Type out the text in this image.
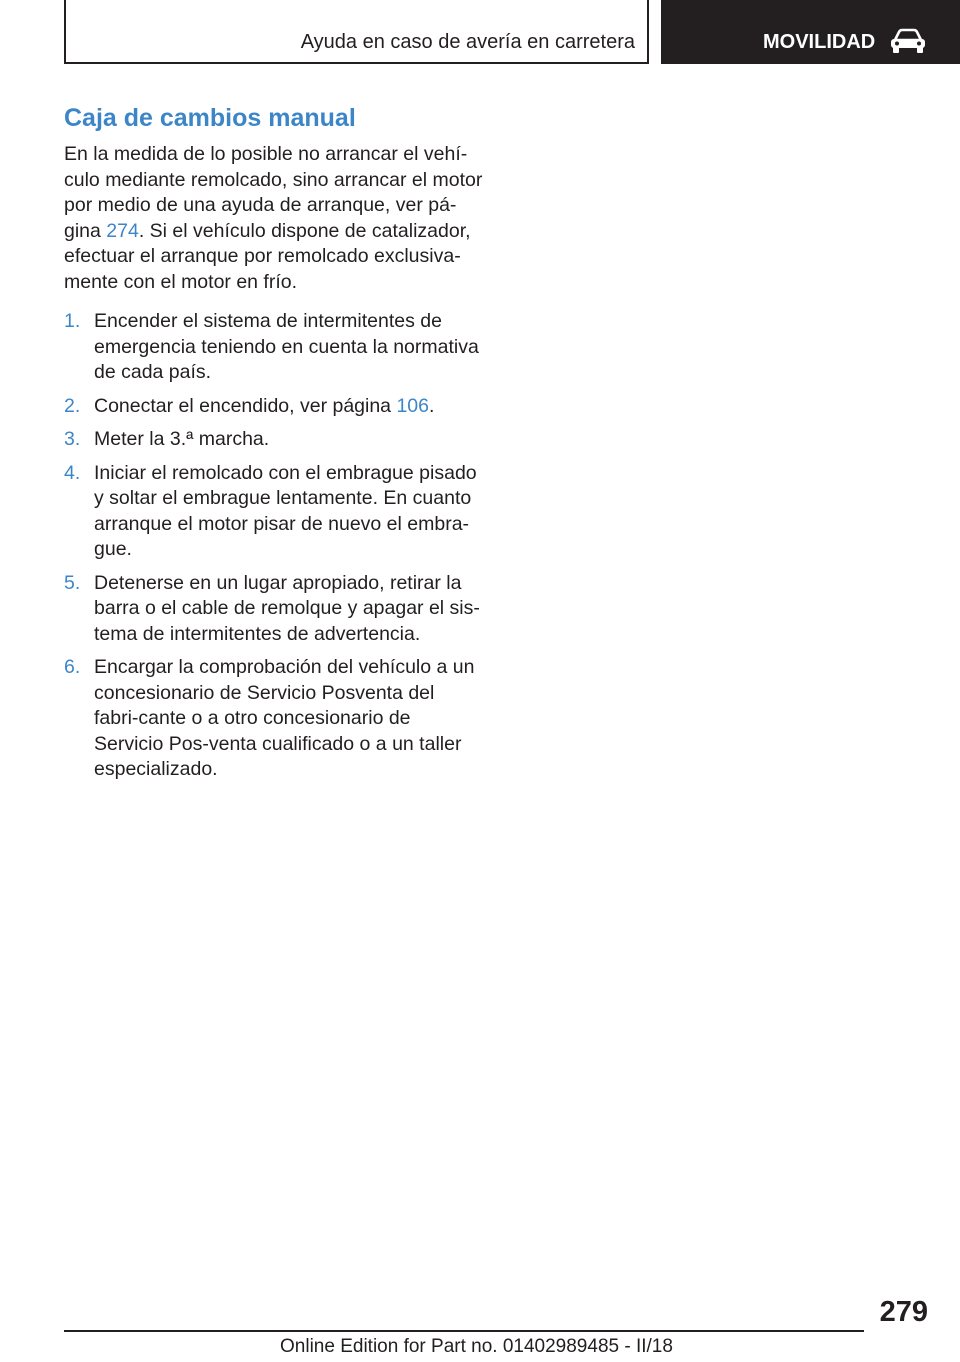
Ayuda en caso de avería en carretera	MOVILIDAD
Caja de cambios manual

En la medida de lo posible no arrancar el vehí-culo mediante remolcado, sino arrancar el motor por medio de una ayuda de arranque, ver pá-gina 274. Si el vehículo dispone de catalizador, efectuar el arranque por remolcado exclusiva-mente con el motor en frío.

1. Encender el sistema de intermitentes de emergencia teniendo en cuenta la normativa de cada país.
2. Conectar el encendido, ver página 106.
3. Meter la 3.ª marcha.
4. Iniciar el remolcado con el embrague pisado y soltar el embrague lentamente. En cuanto arranque el motor pisar de nuevo el embra-gue.
5. Detenerse en un lugar apropiado, retirar la barra o el cable de remolque y apagar el sis-tema de intermitentes de advertencia.
6. Encargar la comprobación del vehículo a un concesionario de Servicio Posventa del fabri-cante o a otro concesionario de Servicio Pos-venta cualificado o a un taller especializado.
279
Online Edition for Part no. 01402989485 - II/18
